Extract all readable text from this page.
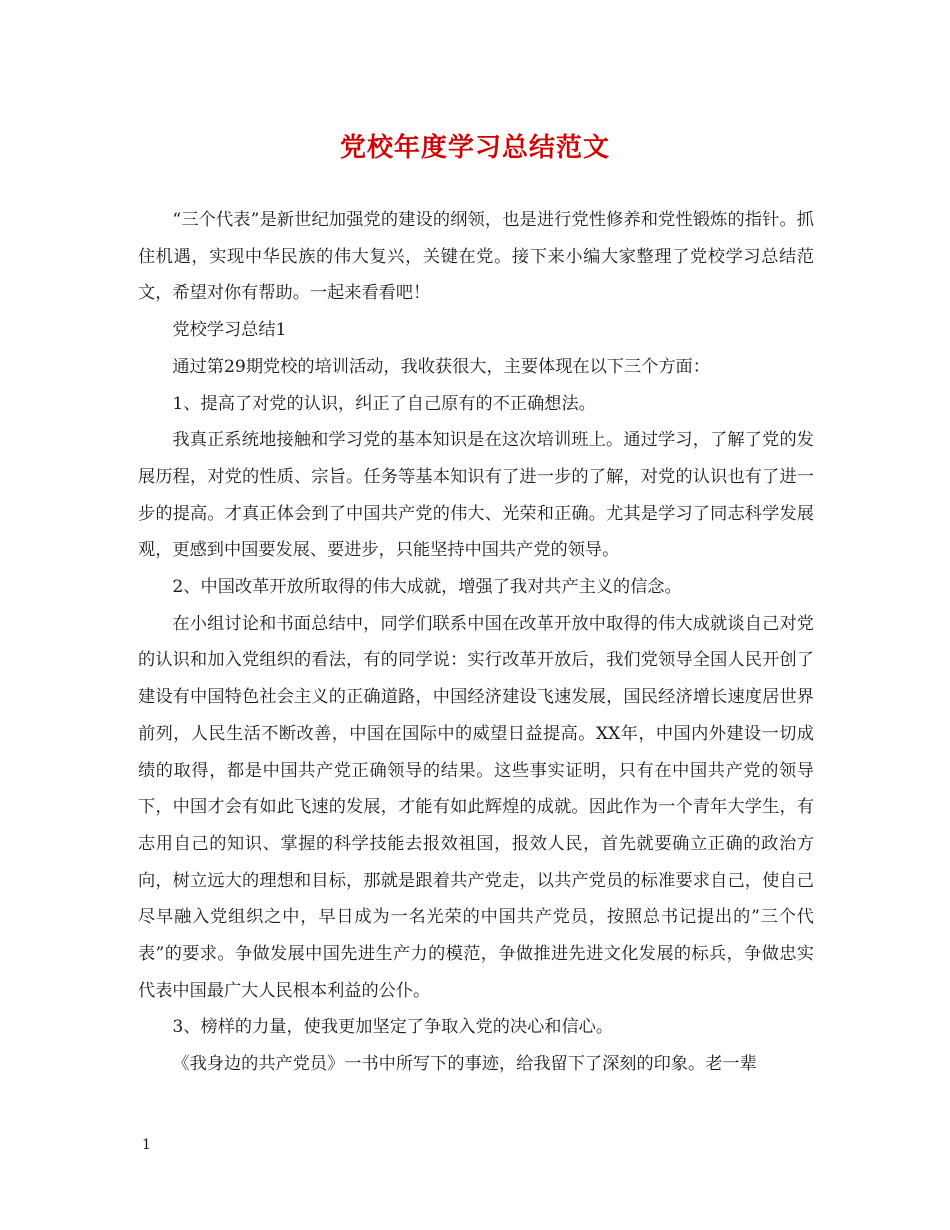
党校年度学习总结范文

“三个代表”是新世纪加强党的建设的纲领，也是进行党性修养和党性锻炼的指针。抓住机遇，实现中华民族的伟大复兴，关键在党。接下来小编大家整理了党校学习总结范文，希望对你有帮助。一起来看看吧！

党校学习总结1

通过第29期党校的培训活动，我收获很大，主要体现在以下三个方面：

1、提高了对党的认识，纠正了自己原有的不正确想法。

我真正系统地接触和学习党的基本知识是在这次培训班上。通过学习，了解了党的发展历程，对党的性质、宗旨。任务等基本知识有了进一步的了解，对党的认识也有了进一步的提高。才真正体会到了中国共产党的伟大、光荣和正确。尤其是学习了同志科学发展观，更感到中国要发展、要进步，只能坚持中国共产党的领导。

2、中国改革开放所取得的伟大成就，增强了我对共产主义的信念。

在小组讨论和书面总结中，同学们联系中国在改革开放中取得的伟大成就谈自己对党的认识和加入党组织的看法，有的同学说：实行改革开放后，我们党领导全国人民开创了建设有中国特色社会主义的正确道路，中国经济建设飞速发展，国民经济增长速度居世界前列，人民生活不断改善，中国在国际中的威望日益提高。XX年，中国内外建设一切成绩的取得，都是中国共产党正确领导的结果。这些事实证明，只有在中国共产党的领导下，中国才会有如此飞速的发展，才能有如此辉煌的成就。因此作为一个青年大学生，有志用自己的知识、掌握的科学技能去报效祖国，报效人民，首先就要确立正确的政治方向，树立远大的理想和目标，那就是跟着共产党走，以共产党员的标准要求自己，使自己尽早融入党组织之中，早日成为一名光荣的中国共产党员，按照总书记提出的”三个代表”的要求。争做发展中国先进生产力的模范，争做推进先进文化发展的标兵，争做忠实代表中国最广大人民根本利益的公仆。

3、榜样的力量，使我更加坚定了争取入党的决心和信心。

《我身边的共产党员》一书中所写下的事迹，给我留下了深刻的印象。老一辈

1
